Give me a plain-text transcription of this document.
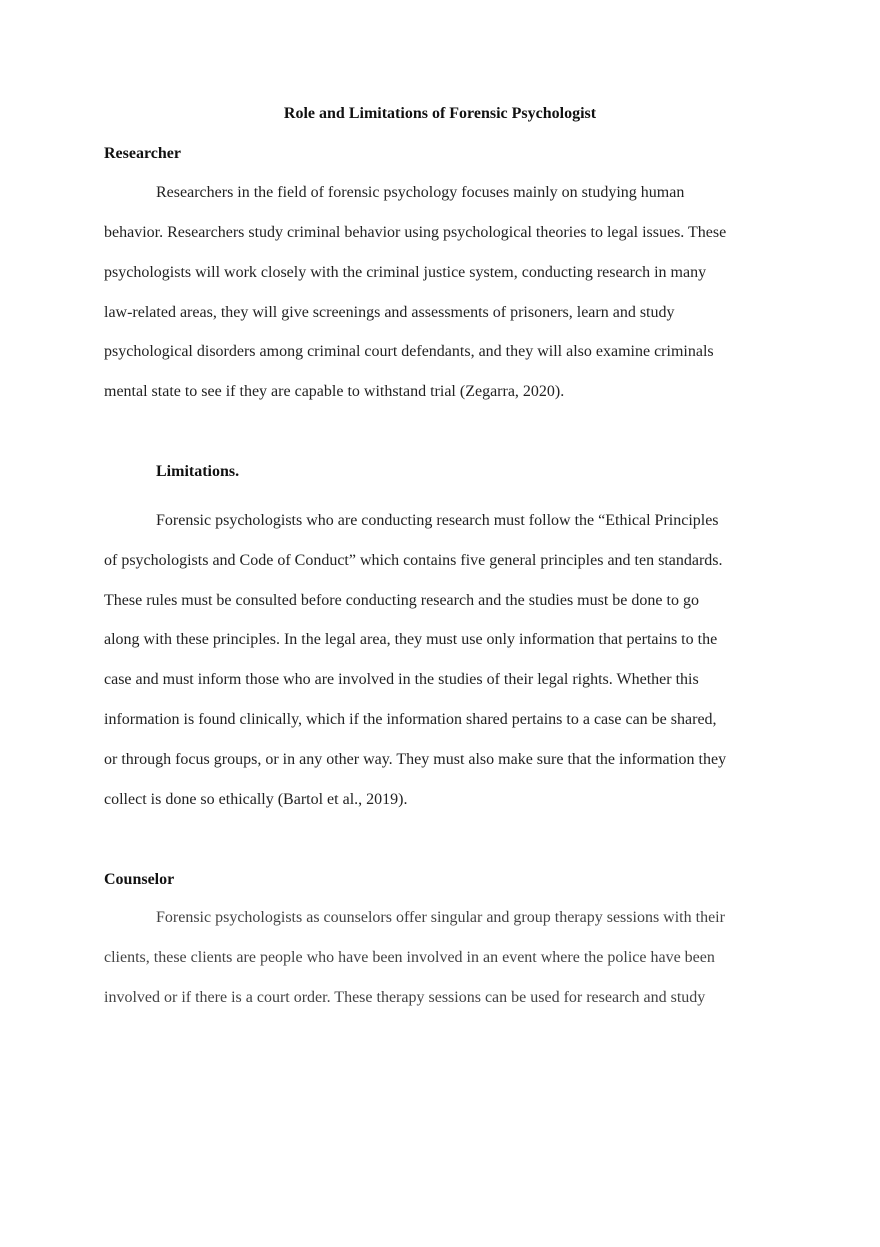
Role and Limitations of Forensic Psychologist
Researcher
Researchers in the field of forensic psychology focuses mainly on studying human
behavior. Researchers study criminal behavior using psychological theories to legal issues. These
psychologists will work closely with the criminal justice system, conducting research in many
law-related areas, they will give screenings and assessments of prisoners, learn and study
psychological disorders among criminal court defendants, and they will also examine criminals
mental state to see if they are capable to withstand trial (Zegarra, 2020).
Limitations.
Forensic psychologists who are conducting research must follow the “Ethical Principles
of psychologists and Code of Conduct” which contains five general principles and ten standards.
These rules must be consulted before conducting research and the studies must be done to go
along with these principles. In the legal area, they must use only information that pertains to the
case and must inform those who are involved in the studies of their legal rights. Whether this
information is found clinically, which if the information shared pertains to a case can be shared,
or through focus groups, or in any other way. They must also make sure that the information they
collect is done so ethically (Bartol et al., 2019).
Counselor
Forensic psychologists as counselors offer singular and group therapy sessions with their
clients, these clients are people who have been involved in an event where the police have been
involved or if there is a court order. These therapy sessions can be used for research and study
